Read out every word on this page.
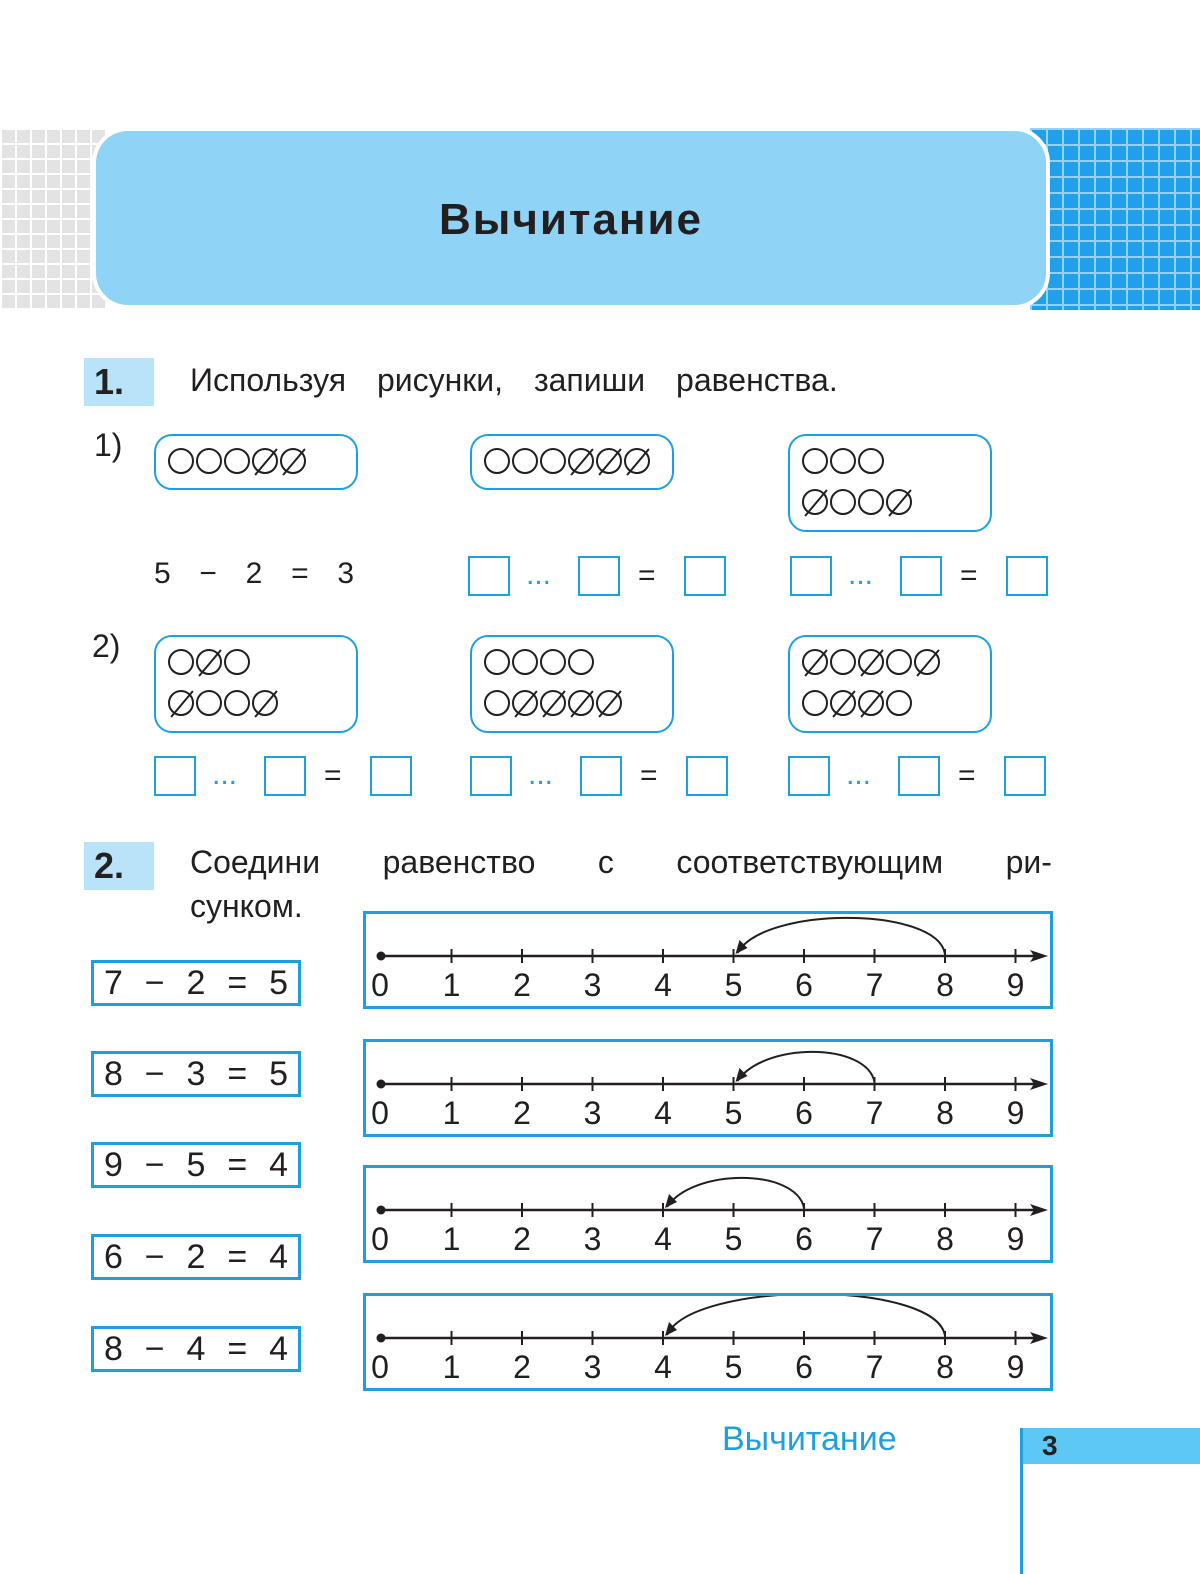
Вычитание
1.	Используя рисунки, запиши равенства.
1)
2)
5 − 2 = 3	...	=	...	=
...	=	...	=	...	=
2.	Соедини равенство с соответствующим ри-
сунком.
7 − 2 = 5
8 − 3 = 5
9 − 5 = 4
6 − 2 = 4
8 − 4 = 4
0 1 2 3 4 5 6 7 8 9
0 1 2 3 4 5 6 7 8 9
0 1 2 3 4 5 6 7 8 9
0 1 2 3 4 5 6 7 8 9
Вычитание	3
